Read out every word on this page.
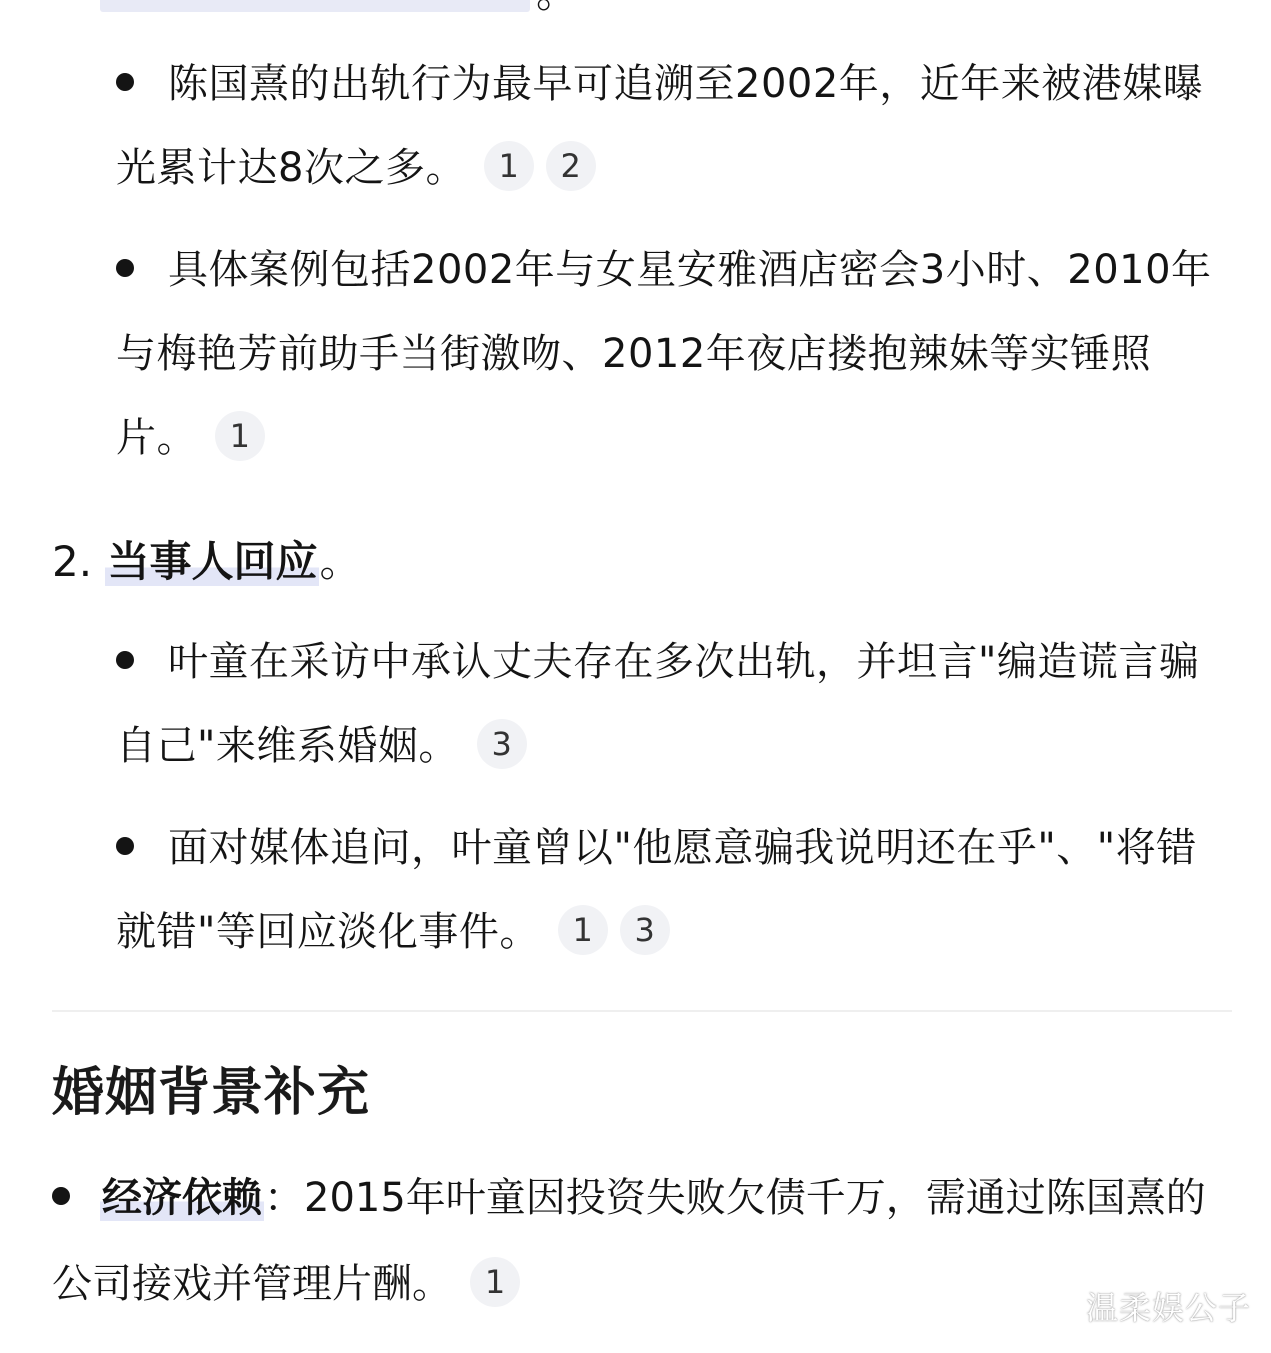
陈国熹的出轨行为最早可追溯至2002年，近年来被港媒曝光累计达8次之多。 1 2
具体案例包括2002年与女星安雅酒店密会3小时、2010年与梅艳芳前助手当街激吻、2012年夜店搂抱辣妹等实锤照片。 1
2. 当事人回应。
叶童在采访中承认丈夫存在多次出轨，并坦言"编造谎言骗自己"来维系婚姻。 3
面对媒体追问，叶童曾以"他愿意骗我说明还在乎"、"将错就错"等回应淡化事件。 1 3
婚姻背景补充
经济依赖：2015年叶童因投资失败欠债千万，需通过陈国熹的公司接戏并管理片酬。 1
温柔娱公子
